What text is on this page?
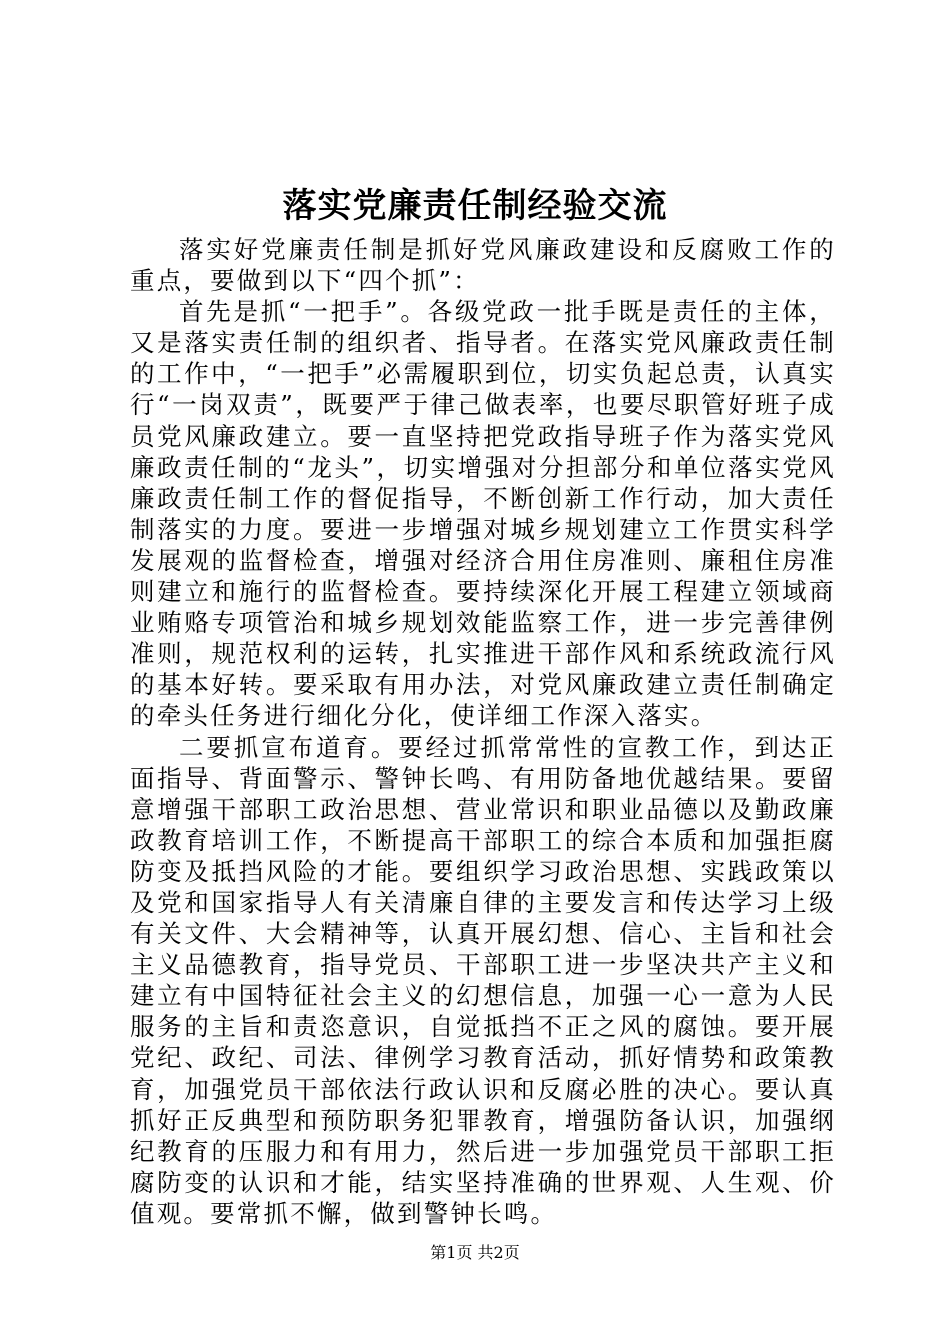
落实党廉责任制经验交流

落实好党廉责任制是抓好党风廉政建设和反腐败工作的重点，要做到以下“四个抓”：

首先是抓“一把手”。各级党政一批手既是责任的主体，又是落实责任制的组织者、指导者。在落实党风廉政责任制的工作中，“一把手”必需履职到位，切实负起总责，认真实行“一岗双责”，既要严于律己做表率，也要尽职管好班子成员党风廉政建立。要一直坚持把党政指导班子作为落实党风廉政责任制的“龙头”，切实增强对分担部分和单位落实党风廉政责任制工作的督促指导，不断创新工作行动，加大责任制落实的力度。要进一步增强对城乡规划建立工作贯实科学发展观的监督检查，增强对经济合用住房准则、廉租住房准则建立和施行的监督检查。要持续深化开展工程建立领域商业贿赂专项管治和城乡规划效能监察工作，进一步完善律例准则，规范权利的运转，扎实推进干部作风和系统政流行风的基本好转。要采取有用办法，对党风廉政建立责任制确定的牵头任务进行细化分化，使详细工作深入落实。

二要抓宣布道育。要经过抓常常性的宣教工作，到达正面指导、背面警示、警钟长鸣、有用防备地优越结果。要留意增强干部职工政治思想、营业常识和职业品德以及勤政廉政教育培训工作，不断提高干部职工的综合本质和加强拒腐防变及抵挡风险的才能。要组织学习政治思想、实践政策以及党和国家指导人有关清廉自律的主要发言和传达学习上级有关文件、大会精神等，认真开展幻想、信心、主旨和社会主义品德教育，指导党员、干部职工进一步坚决共产主义和建立有中国特征社会主义的幻想信息，加强一心一意为人民服务的主旨和责恣意识，自觉抵挡不正之风的腐蚀。要开展党纪、政纪、司法、律例学习教育活动，抓好情势和政策教育，加强党员干部依法行政认识和反腐必胜的决心。要认真抓好正反典型和预防职务犯罪教育，增强防备认识，加强纲纪教育的压服力和有用力，然后进一步加强党员干部职工拒腐防变的认识和才能，结实坚持准确的世界观、人生观、价值观。要常抓不懈，做到警钟长鸣。

第1页 共2页
